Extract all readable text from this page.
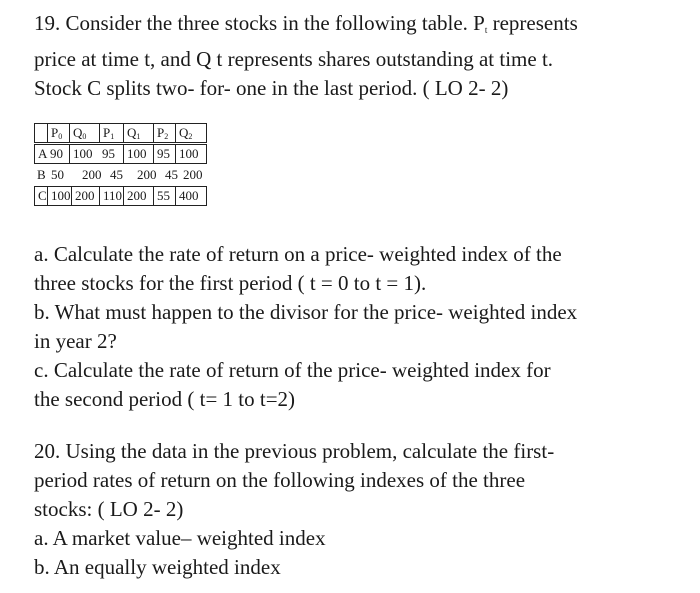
19. Consider the three stocks in the following table. Pt represents
price at time t, and Q t represents shares outstanding at time t.
Stock C splits two- for- one in the last period. ( LO 2- 2)
$P_0$ $Q_0$	$P_1$ $Q_1$	$P_2$ $Q_2$
A 90 100 95 100 95 100
B 50	200 45	200 45 200
C 100 200 110 200 55 400
a. Calculate the rate of return on a price- weighted index of the
three stocks for the first period ( t = 0 to t = 1).
b. What must happen to the divisor for the price- weighted index
in year 2?
c. Calculate the rate of return of the price- weighted index for
the second period ( t= 1 to t=2)
20. Using the data in the previous problem, calculate the first-
period rates of return on the following indexes of the three
stocks: ( LO 2- 2)
a. A market value– weighted index
b. An equally weighted index
